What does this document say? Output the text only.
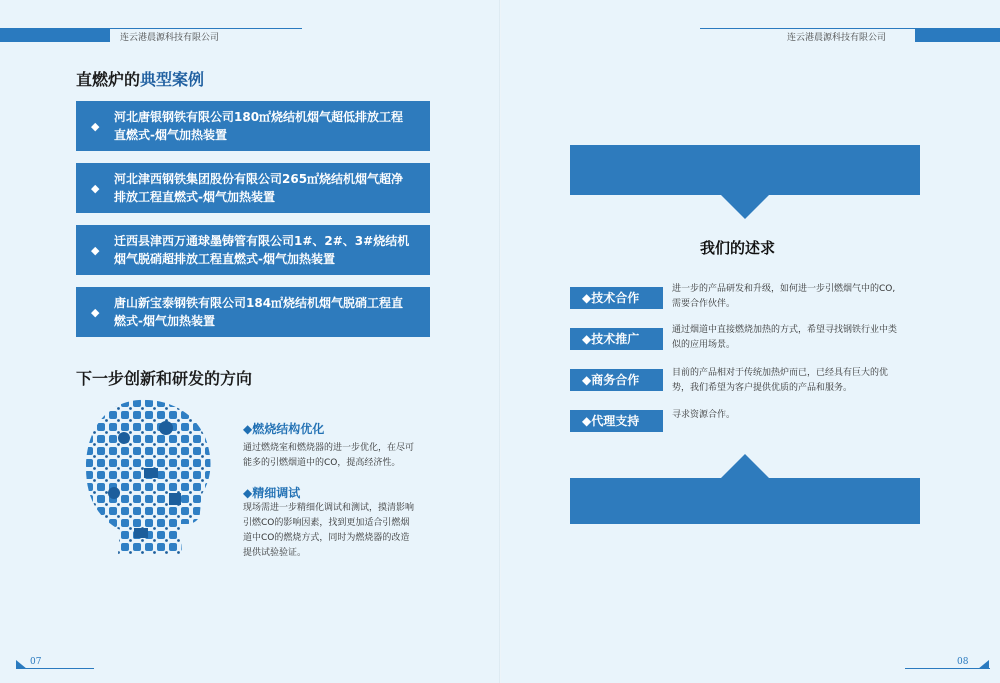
连云港晨源科技有限公司
直燃炉的典型案例
◆
河北唐银钢铁有限公司180㎡烧结机烟气超低排放工程
直燃式-烟气加热装置
◆
河北津西钢铁集团股份有限公司265㎡烧结机烟气超净
排放工程直燃式-烟气加热装置
◆
迁西县津西万通球墨铸管有限公司1#、2#、3#烧结机
烟气脱硝超排放工程直燃式-烟气加热装置
◆
唐山新宝泰钢铁有限公司184㎡烧结机烟气脱硝工程直
燃式-烟气加热装置
下一步创新和研发的方向
◆燃烧结构优化
通过燃烧室和燃烧器的进一步优化，在尽可
能多的引燃烟道中的CO，提高经济性。
◆精细调试
现场需进一步精细化调试和测试，摸清影响
引燃CO的影响因素，找到更加适合引燃烟
道中CO的燃烧方式，同时为燃烧器的改造
提供试验验证。
07
连云港晨源科技有限公司
08
我们的述求
◆技术合作
进一步的产品研发和升级，如何进一步引燃烟气中的CO,
需要合作伙伴。
◆技术推广
通过烟道中直接燃烧加热的方式，希望寻找钢铁行业中类
似的应用场景。
◆商务合作	目前的产品相对于传统加热炉而已，已经具有巨大的优
势，我们希望为客户提供优质的产品和服务。
◆代理支持	寻求资源合作。
